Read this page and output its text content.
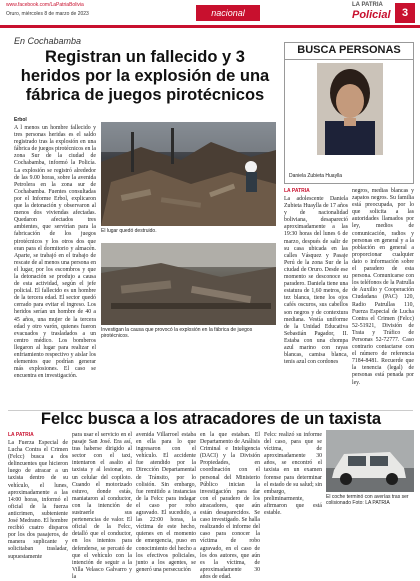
www.facebook.com/LaPatriaBolivia
Oruro, miércoles 8 de marzo de 2023	nacional
LA PATRIA
Policial	3
En Cochabamba
Registran un fallecido y 3 heridos por la explosión de una fábrica de juegos pirotécnicos
Erbol
A l menos un hombre fallecido y tres personas heridas es el saldo registrado tras la explosión en una fábrica de juegos pirotécnicos en la zona Sur de la ciudad de Cochabamba, informó la Policía. La explosión se registró alrededor de las 9.00 horas, sobre la avenida Petrolera en la zona sur de Cochabamba. Fuentes consultadas por el Informe Erbol, explicaron que la detonación y observaron al menos dos viviendas afectadas. Quedaron afectados tres ambientes, que servirían para la fabricación de los juegos pirotécnicos y los otros dos que eran para el dormitorio y almacén. Aparte, se trabajó en el trabajo de rescate de al menos una persona en el lugar, por los escombros y que la detonación se produjo a causa de esta actividad, según el jefe policial. El fallecido es un hombre de la tercera edad. El sector quedó cerrado para evitar el ingreso. Los heridos serían un hombre de 40 a 45 años, una mujer de la tercera edad y otro varón, quienes fueron evacuados y trasladados a un centro médico. Los bomberos llegaron al lugar para realizar el enfriamiento respectivo y aislar los elementos que podrían generar más explosiones. El caso se encuentra en investigación.
El lugar quedó destruido.
Investigan la causa que provocó la explosión en la fábrica de juegos pirotécnicos.
BUSCA PERSONAS
Daniela Zubieta Huaylla
LA PATRIA
La adolescente Daniela Zubieta Huaylla de 17 años y de nacionalidad boliviana, desapareció aproximadamente a las 19:30 horas del lunes 6 de marzo, después de salir de su casa ubicada en las calles Vásquez y Pasaje Perú de la zona Sur de la ciudad de Oruro. Desde ese momento se desconoce su paradero. Daniela tiene una estatura de 1,60 metros, de tez blanca, tiene los ojos cafés oscuros, sus cabellos son negros y de contextura mediana. Vestía uniforme de la Unidad Educativa Sebastián Pagador, II. Estaba con una chompa azul marino con rayas blancas, camisa blanca, tenis azul con cordones
negros, medias blancas y zapatos negros. Su familia está preocupada, por lo que solicita a las autoridades llamados por ley, medios de comunicación, radios y personas en general y a la población en general a proporcionar cualquier dato o información sobre el paradero de esta persona. Comunicarse con los teléfonos de la Patrulla de Auxilio y Cooperación Ciudadana (PAC) 120, Radio Patrullas 110, Fuerza Especial de Lucha Contra el Crimen (Felcc) 52-51921, División de Trata y Tráfico de Personas 52-72777. Caso contrario contactarse con el número de referencia 7184-8481. Recuerde que la tenencia (legal) de personas está penada por ley.
Felcc busca a los atracadores de un taxista
LA PATRIA
La Fuerza Especial de Lucha Contra el Crimen (Felcc) busca a dos delincuentes que hicieron luego de atracar a un taxista dentro de su vehículo, el lunes, aproximadamente a las 14:00 horas, informó el oficial de la fuerza anticrimen, subteniente José Medrano. El hombre recibió cuatro disparos por los dos pasajeros, de manera suplicante y solicitaban trasladar, supuestamente
para usar el servicio en el pasaje San José. Era así, tras haberse dirigido al sector con el taxi, intentaron el asalto al taxista y al lesionar, en un celular del copiloto. Cuando el motorizado estuvo, donde estás, maniataron al conductor, con la intención de sustraerle sus pertenencias de valor. El oficial de la Felcc, detalló que el conductor, en los intentos para defenderse, se percató de que el vehículo con la intención de seguir a la Villa Velasco Galvarro y la
avenida Villarroel estaba en ella para lo que ingresaron con el vehículo. El accidente fue atendido por la Dirección Departamental de Tránsito, por lo colisión. Sin embargo, fue remitido a instancias de la Felcc para indagar el caso por robo agravado. El sucedido, a las 22:00 horas, la víctima de este hecho, quienes en el momento de emergencia, puso en conocimiento del hecho a los efectivos policiales, junto a los agentes, se generó una persecución
en la que estaban. El Departamento de Análisis Criminal e Inteligencia (DACI) y la División Propiedades, en coordinación con el personal del Ministerio Público inician la investigación para dar con el paradero de los atracadores, que aún están desaparecidos. Se caso investigado. Se halla realizando el informe del caso para conocer la víctima de robo agravado, en el caso de los dos autores, que aún es la víctima, de aproximadamente 30 años de edad.
Felcc realizó su informe del caso, para que se víctima, de aproximadamente 30 años, se encontró el taxista en un examen forense para determinar el estado de su salud; sin embargo, preliminarmente, afirmaron que está estable.
El coche terminó con averías tras ser colisionado Foto: LA PATRIA
